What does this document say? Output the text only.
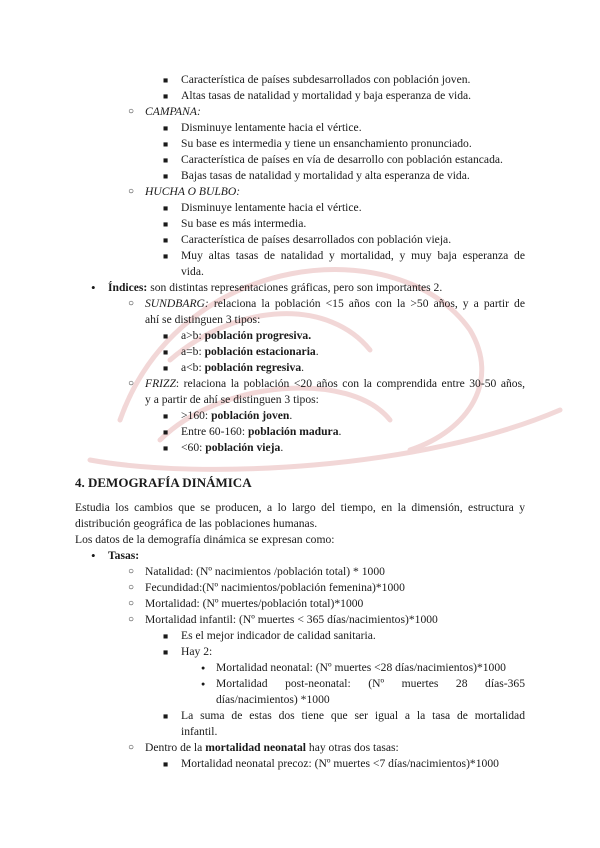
■ Característica de países subdesarrollados con población joven.
■ Altas tasas de natalidad y mortalidad y baja esperanza de vida.
○ CAMPANA:
■ Disminuye lentamente hacia el vértice.
■ Su base es intermedia y tiene un ensanchamiento pronunciado.
■ Característica de países en vía de desarrollo con población estancada.
■ Bajas tasas de natalidad y mortalidad y alta esperanza de vida.
○ HUCHA O BULBO:
■ Disminuye lentamente hacia el vértice.
■ Su base es más intermedia.
■ Característica de países desarrollados con población vieja.
■ Muy altas tasas de natalidad y mortalidad, y muy baja esperanza de
vida.
• Índices: son distintas representaciones gráficas, pero son importantes 2.
○ SUNDBARG: relaciona la población <15 años con la >50 años, y a partir de
ahí se distinguen 3 tipos:
■ a>b: población progresiva.
■ a=b: población estacionaria.
■ a<b: población regresiva.
○ FRIZZ: relaciona la población <20 años con la comprendida entre 30-50 años,
y a partir de ahí se distinguen 3 tipos:
■ >160: población joven.
■ Entre 60-160: población madura.
■ <60: población vieja.
4. DEMOGRAFÍA DINÁMICA
Estudia los cambios que se producen, a lo largo del tiempo, en la dimensión, estructura y
distribución geográfica de las poblaciones humanas.
Los datos de la demografía dinámica se expresan como:
• Tasas:
○ Natalidad: (Nº nacimientos /población total) * 1000
○ Fecundidad:(Nº nacimientos/población femenina)*1000
○ Mortalidad: (Nº muertes/población total)*1000
○ Mortalidad infantil: (Nº muertes < 365 días/nacimientos)*1000
■ Es el mejor indicador de calidad sanitaria.
■ Hay 2:
● Mortalidad neonatal: (Nº muertes <28 días/nacimientos)*1000
● Mortalidad post-neonatal: (Nº muertes 28 días-365
días/nacimientos) *1000
■ La suma de estas dos tiene que ser igual a la tasa de mortalidad
infantil.
○ Dentro de la mortalidad neonatal hay otras dos tasas:
■ Mortalidad neonatal precoz: (Nº muertes <7 días/nacimientos)*1000
